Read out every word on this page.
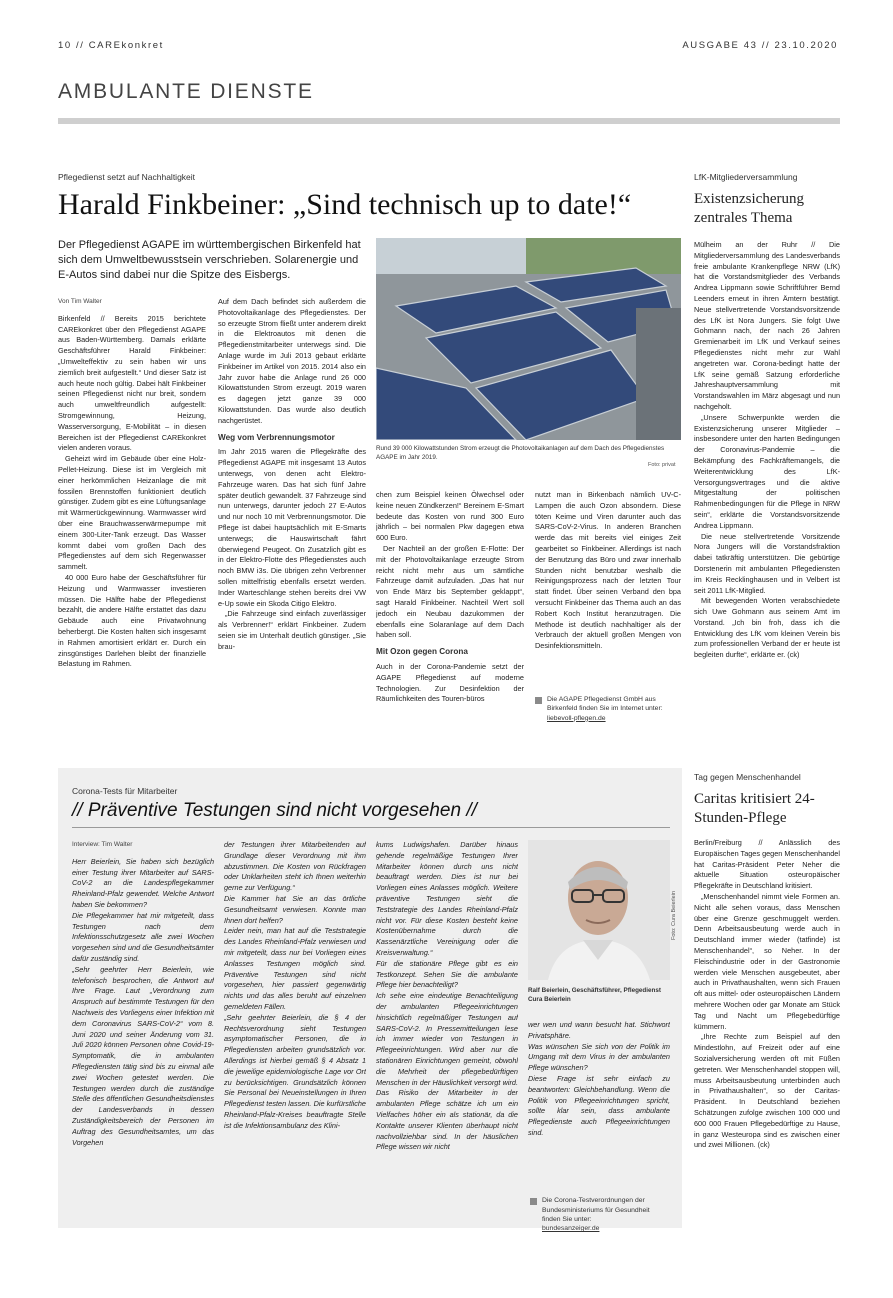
10 // CAREkonkret	AUSGABE 43 // 23.10.2020
AMBULANTE DIENSTE
Pflegedienst setzt auf Nachhaltigkeit
Harald Finkbeiner: „Sind technisch up to date!“
Der Pflegedienst AGAPE im württembergischen Birkenfeld hat sich dem Umweltbewusstsein verschrieben. Solarenergie und E-Autos sind dabei nur die Spitze des Eisbergs.
Rund 39 000 Kilowattstunden Strom erzeugt die Photovoltaikanlagen auf dem Dach des Pflegedienstes AGAPE im Jahr 2019.
Foto: privat
Von Tim Walter

Birkenfeld // Bereits 2015 berichtete CAREkonkret über den Pflegedienst AGAPE aus Baden-Württemberg. Damals erklärte Geschäftsführer Harald Finkbeiner: „Umwelteffektiv zu sein haben wir uns ziemlich breit aufgestellt.“ Und dieser Satz ist auch heute noch gültig. Dabei hält Finkbeiner seinen Pflegedienst nicht nur breit, sondern auch umweltfreundlich aufgestellt: Stromgewinnung, Heizung, Wasserversorgung, E-Mobilität – in diesen Bereichen ist der Pflegedienst CAREkonkret vielen anderen voraus.

Geheizt wird im Gebäude über eine Holz-Pellet-Heizung. Diese ist im Vergleich mit einer herkömmlichen Heizanlage die mit fossilen Brennstoffen funktioniert deutlich günstiger. Zudem gibt es eine Lüftungsanlage mit Wärmerückgewinnung. Warmwasser wird über eine Brauchwasserwärmepumpe mit einem 300-Liter-Tank erzeugt. Das Wasser kommt dabei vom großen Dach des Pflegedienstes auf dem sich Regenwasser sammelt.

40 000 Euro habe der Geschäftsführer für Heizung und Warmwasser investieren müssen. Die Hälfte habe der Pflegedienst bezahlt, die andere Hälfte erstattet das dazu Gebäude auch eine Privatwohnung beherbergt. Die Kosten halten sich insgesamt in Rahmen amortisiert erklärt er. Durch ein zinsgünstiges Darlehen bleibt der finanzielle Belastung im Rahmen.

Auf dem Dach befindet sich außerdem die Photovoltaikanlage des Pflegedienstes. Der so erzeugte Strom fließt unter anderem direkt in die Elektroautos mit denen die Pflegedienstmitarbeiter unterwegs sind. Die Anlage wurde im Juli 2013 gebaut erklärte Finkbeiner im Artikel von 2015. 2014 also ein Jahr zuvor habe die Anlage rund 26 000 Kilowattstunden Strom erzeugt. 2019 waren es dagegen jetzt ganze 39 000 Kilowattstunden. Das wurde also deutlich nachgerüstet.

Weg vom Verbrennungsmotor

Im Jahr 2015 waren die Pflegekräfte des Pflegedienst AGAPE mit insgesamt 13 Autos unterwegs, von denen acht Elektro-Fahrzeuge waren. Das hat sich fünf Jahre später deutlich gewandelt. 37 Fahrzeuge sind nun unterwegs, darunter jedoch 27 E-Autos und nur noch 10 mit Verbrennungsmotor. Die Pflege ist dabei hauptsächlich mit E-Smarts unterwegs; die Hauswirtschaft fährt überwiegend Peugeot. On Zusatzlich gibt es in der Elektro-Flotte des Pflegedienstes auch noch BMW i3s. Die übrigen zehn Verbrenner sollen mittelfristig ebenfalls ersetzt werden. Inder Warteschlange stehen bereits drei VW e-Up sowie ein Skoda Citigo Elektro.

„Die Fahrzeuge sind einfach zuverlässiger als Verbrenner!“ erklärt Finkbeiner. Zudem seien sie im Unterhalt deutlich günstiger. „Sie brau-

chen zum Beispiel keinen Ölwechsel oder keine neuen Zündkerzen!“ Bereinem E-Smart bedeute das Kosten von rund 300 Euro jährlich – bei normalen Pkw dagegen etwa 600 Euro.

Der Nachteil an der großen E-Flotte: Der mit der Photovoltaikanlage erzeugte Strom reicht nicht mehr aus um sämtliche Fahrzeuge damit aufzuladen. „Das hat nur von Ende März bis September geklappt“, sagt Harald Finkbeiner. Nachteil Wert soll jedoch ein Neubau dazukommen der ebenfalls eine Solaranlage auf dem Dach haben soll.

Mit Ozon gegen Corona

Auch in der Corona-Pandemie setzt der AGAPE Pflegedienst auf moderne Technologien. Zur Desinfektion der Räumlichkeiten des Touren-büros

nutzt man in Birkenbach nämlich UV-C-Lampen die auch Ozon absondern. Diese töten Keime und Viren darunter auch das SARS-CoV-2-Virus. In anderen Branchen werde das mit bereits viel einiges Zeit gearbeitet so Finkbeiner. Allerdings ist nach der Benutzung das Büro und zwar innerhalb Stunden nicht benutzbar weshalb die Reinigungsprozess nach der letzten Tour statt findet. Über seinen Verband den bpa versucht Finkbeiner das Thema auch an das Robert Koch Institut heranzutragen. Die Methode ist deutlich nachhaltiger als der Verbrauch der aktuell großen Mengen von Desinfektionsmitteln.

Die AGAPE Pflegedienst GmbH aus Birkenfeld finden Sie im Internet unter:
liebevoll-pflegen.de
LfK-Mitgliederversammlung
Existenzsicherung zentrales Thema

Mülheim an der Ruhr // Die Mitgliederversammlung des Landesverbands freie ambulante Krankenpflege NRW (LfK) hat die Vorstandsmitglieder des Verbands Andrea Lippmann sowie Schriftführer Bernd Leenders erneut in ihren Ämtern bestätigt. Neue stellvertretende Vorstandsvorsitzende des LfK ist Nora Jungers. Sie folgt Uwe Gohmann nach, der nach 26 Jahren Gremienarbeit im LfK und Verkauf seines Pflegedienstes nicht mehr zur Wahl angetreten war. Corona-bedingt hatte der LfK seine gemäß Satzung erforderliche Jahreshauptversammlung mit Vorstandswahlen im März abgesagt und nun nachgeholt.

„Unsere Schwerpunkte werden die Existenzsicherung unserer Mitglieder – insbesondere unter den harten Bedingungen der Coronavirus-Pandemie – die Bekämpfung des Fachkräftemangels, die Weiterentwicklung des LfK-Versorgungsvertrages und die aktive Mitgestaltung der politischen Rahmenbedingungen für die Pflege in NRW sein“, erklärte die Vorstandsvorsitzende Andrea Lippmann.

Die neue stellvertretende Vorsitzende Nora Jungers will die Vorstandsfraktion dabei tatkräftig unterstützen. Die gebürtige Dorstenerin mit ambulanten Pflegediensten im Kreis Recklinghausen und in Velbert ist seit 2011 LfK-Mitglied.

Mit bewegenden Worten verabschiedete sich Uwe Gohmann aus seinem Amt im Vorstand. „Ich bin froh, dass ich die Entwicklung des LfK vom kleinen Verein bis zum professionellen Verband der er heute ist begleiten durfte“, erklärte er. (ck)

Corona-Tests für Mitarbeiter
// Präventive Testungen sind nicht vorgesehen //
Interview: Tim Walter

Herr Beierlein, Sie haben sich bezüglich einer Testung ihrer Mitarbeiter auf SARS-CoV-2 an die Landespflegekammer Rheinland-Pfalz gewendet. Welche Antwort haben Sie bekommen?

Die Pflegekammer hat mir mitgeteilt, dass Testungen nach dem Infektionsschutzgesetz alle zwei Wochen vorgesehen sind und die Gesundheitsämter dafür zuständig sind.

„Sehr geehrter Herr Beierlein, wie telefonisch besprochen, die Antwort auf Ihre Frage. Laut „Verordnung zum Anspruch auf bestimmte Testungen für den Nachweis des Vorliegens einer Infektion mit dem Coronavirus SARS-CoV-2“ vom 8. Juni 2020 und seiner Änderung vom 31. Juli 2020 können Personen ohne Covid-19-Symptomatik, die in ambulanten Pflegediensten tätig sind bis zu einmal alle zwei Wochen getestet werden. Die Testungen werden durch die zuständige Stelle des öffentlichen Gesundheitsdienstes der Landesverbands in dessen Zuständigkeitsbereich der Personen im Auftrag des Gesundheitsamtes, um das Vorgehen

der Testungen ihrer Mitarbeitenden auf Grundlage dieser Verordnung mit ihm abzustimmen. Die Kosten von Rückfragen oder Unklarheiten steht ich Ihnen weiterhin gerne zur Verfügung.“

Die Kammer hat Sie an das örtliche Gesundheitsamt verwiesen. Konnte man Ihnen dort helfen?

Leider nein, man hat auf die Teststrategie des Landes Rheinland-Pfalz verwiesen und mir mitgeteilt, dass nur bei Vorliegen eines Anlasses Testungen möglich sind. Präventive Testungen sind nicht vorgesehen, hier passiert gegenwärtig nichts und das alles beruht auf einzelnen gemeldeten Fällen.

„Sehr geehrter Beierlein, die § 4 der Rechtsverordnung sieht Testungen asymptomatischer Personen, die in Pflegediensten arbeiten grundsätzlich vor. Allerdings ist hierbei gemäß § 4 Absatz 1 die jeweilige epidemiologische Lage vor Ort zu berücksichtigen. Grundsätzlich können Sie Personal bei Neueinstellungen in Ihren Pflegedienst testen lassen. Die kurfürstliche Rheinland-Pfalz-Kreises beauftragte Stelle ist die Infektionsambulanz des Klini-

kums Ludwigshafen. Darüber hinaus gehende regelmäßige Testungen Ihrer Mitarbeiter können durch uns nicht beauftragt werden. Dies ist nur bei Vorliegen eines Anlasses möglich. Weitere präventive Testungen sieht die Teststrategie des Landes Rheinland-Pfalz nicht vor. Für diese Kosten besteht keine Kostenübernahme durch die Kassenärztliche Vereinigung oder die Kreisverwaltung.“

Für die stationäre Pflege gibt es ein Testkonzept. Sehen Sie die ambulante Pflege hier benachteiligt?

Ich sehe eine eindeutige Benachteiligung der ambulanten Pflegeeinrichtungen hinsichtlich regelmäßiger Testungen auf SARS-CoV-2. In Pressemitteilungen lese ich immer wieder von Testungen in Pflegeeinrichtungen. Wird aber nur die stationären Einrichtungen gemeint, obwohl die Mehrheit der pflegebedürftigen Menschen in der Häuslichkeit versorgt wird. Das Risiko der Mitarbeiter in der ambulanten Pflege schätze ich um ein Vielfaches höher ein als stationär, da die Kontakte unserer Klienten überhaupt nicht nachvollziehbar sind. In der häuslichen Pflege wissen wir nicht

Foto: Cura Beierlein
Ralf Beierlein, Geschäftsführer, Pflegedienst Cura Beierlein

wer wen und wann besucht hat. Stichwort Privatsphäre.

Was wünschen Sie sich von der Politik im Umgang mit dem Virus in der ambulanten Pflege wünschen?

Diese Frage ist sehr einfach zu beantworten: Gleichbehandlung. Wenn die Politik von Pflegeeinrichtungen spricht, sollte klar sein, dass ambulante Pflegedienste auch Pflegeeinrichtungen sind.

Die Corona-Testverordnungen der Bundesministeriums für Gesundheit finden Sie unter:
bundesanzeiger.de
Tag gegen Menschenhandel
Caritas kritisiert 24-Stunden-Pflege

Berlin/Freiburg // Anlässlich des Europäischen Tages gegen Menschenhandel hat Caritas-Präsident Peter Neher die aktuelle Situation osteuropäischer Pflegekräfte in Deutschland kritisiert.

„Menschenhandel nimmt viele Formen an. Nicht alle sehen voraus, dass Menschen über eine Grenze geschmuggelt werden. Denn Arbeitsausbeutung werde auch in Deutschland immer wieder (tatfinde) ist Menschenhandel“, so Neher. In der Fleischindustrie oder in der Gastronomie werden viele Menschen ausgebeutet, aber auch in Privathaushalten, wenn sich Frauen oft aus mittel- oder osteuropäischen Ländern mehrere Wochen oder gar Monate am Stück Tag und Nacht um Pflegebedürftige kümmern.

„Ihre Rechte zum Beispiel auf den Mindestlohn, auf Freizeit oder auf eine Sozialversicherung werden oft mit Füßen getreten. Wer Menschenhandel stoppen will, muss Arbeitsausbeutung unterbinden auch in Privathaushalten“, so der Caritas-Präsident. In Deutschland beziehen Schätzungen zufolge zwischen 100 000 und 600 000 Frauen Pflegebedürftige zu Hause, in ganz Westeuropa sind es zwischen einer und zwei Millionen. (ck)
